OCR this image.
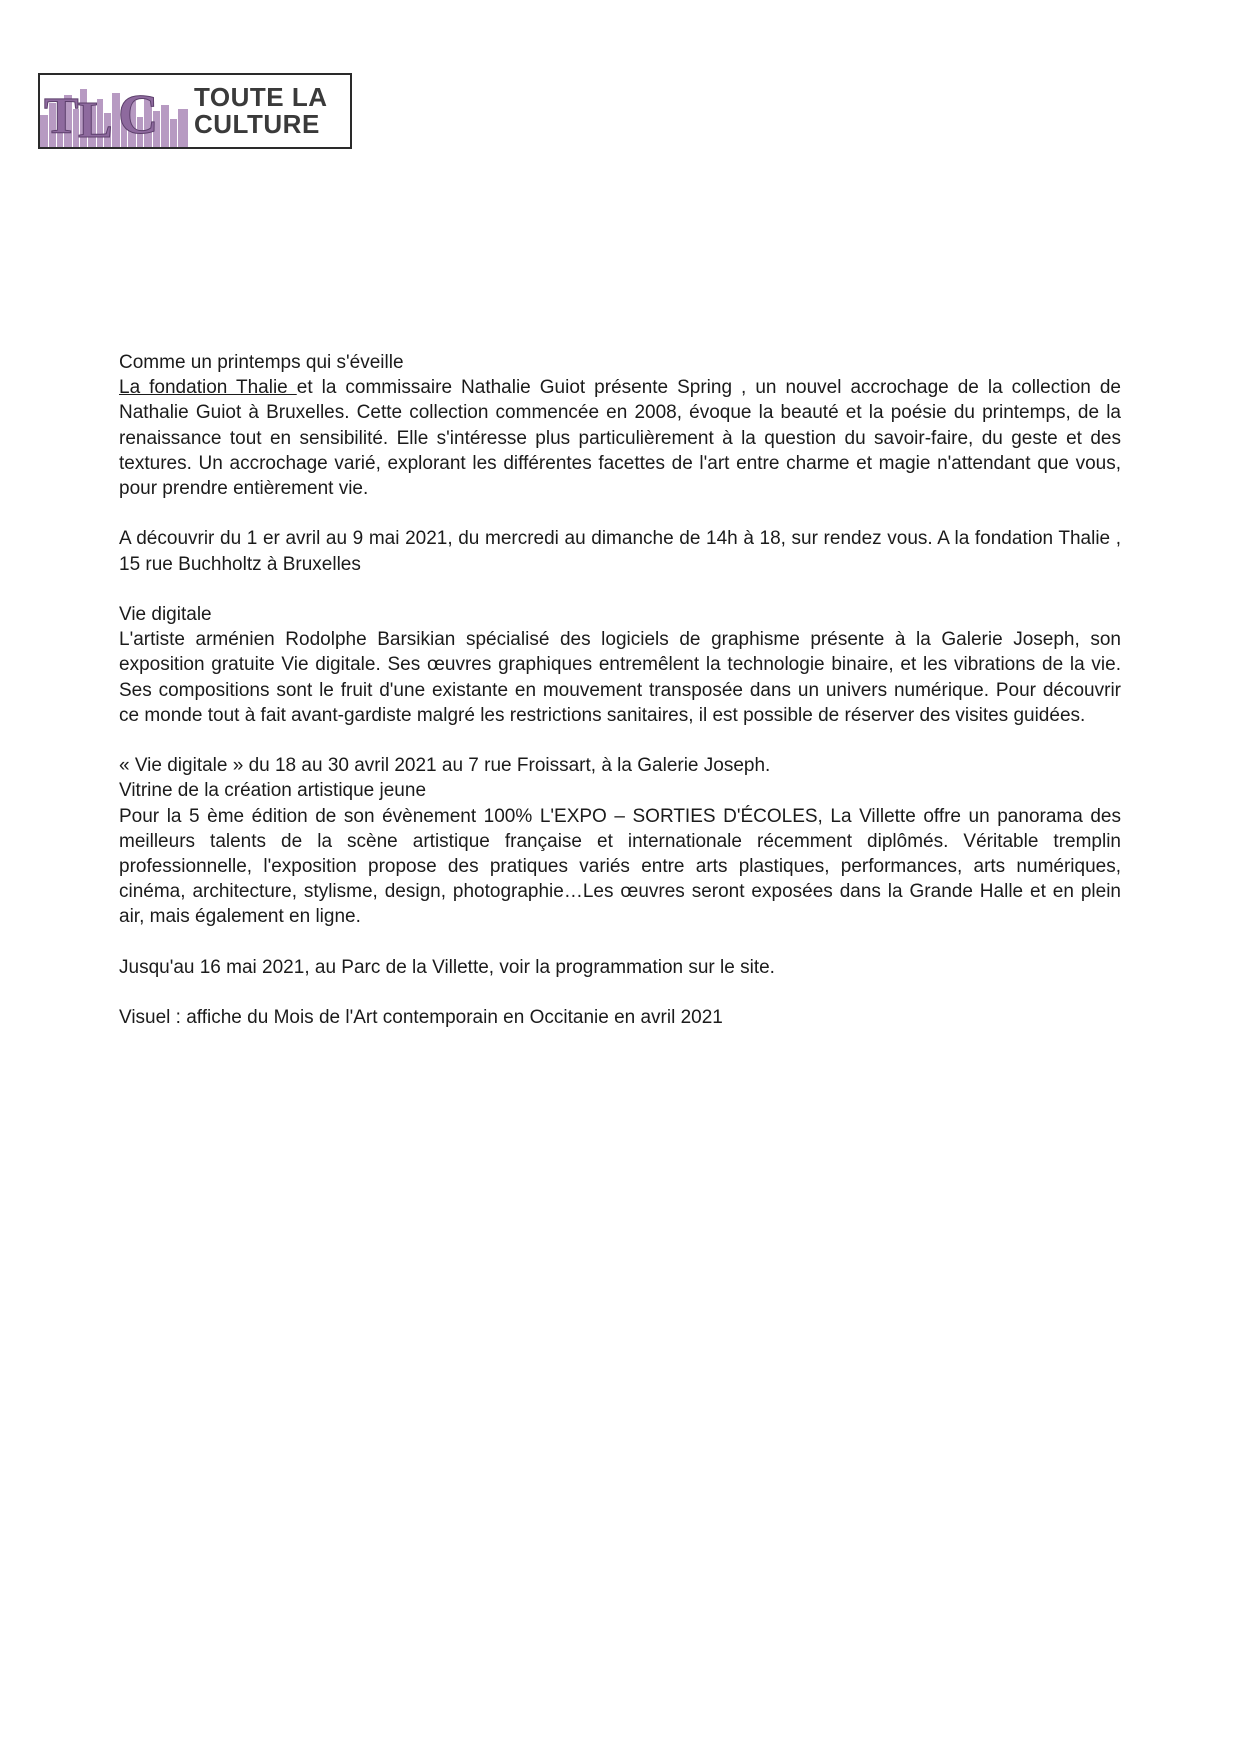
T L C TOUTE LA
CULTURE

Comme un printemps qui s'éveille

La fondation Thalie et la commissaire Nathalie Guiot présente Spring , un nouvel accrochage de la collection de Nathalie Guiot à Bruxelles. Cette collection commencée en 2008, évoque la beauté et la poésie du printemps, de la renaissance tout en sensibilité. Elle s'intéresse plus particulièrement à la question du savoir-faire, du geste et des textures. Un accrochage varié, explorant les différentes facettes de l'art entre charme et magie n'attendant que vous, pour prendre entièrement vie.

A découvrir du 1 er avril au 9 mai 2021, du mercredi au dimanche de 14h à 18, sur rendez vous. A la fondation Thalie , 15 rue Buchholtz à Bruxelles

Vie digitale

L'artiste arménien Rodolphe Barsikian spécialisé des logiciels de graphisme présente à la Galerie Joseph, son exposition gratuite Vie digitale. Ses œuvres graphiques entremêlent la technologie binaire, et les vibrations de la vie. Ses compositions sont le fruit d'une existante en mouvement transposée dans un univers numérique. Pour découvrir ce monde tout à fait avant-gardiste malgré les restrictions sanitaires, il est possible de réserver des visites guidées.

« Vie digitale » du 18 au 30 avril 2021 au 7 rue Froissart, à la Galerie Joseph.

Vitrine de la création artistique jeune

Pour la 5 ème édition de son évènement 100% L'EXPO – SORTIES D'ÉCOLES, La Villette offre un panorama des meilleurs talents de la scène artistique française et internationale récemment diplômés. Véritable tremplin professionnelle, l'exposition propose des pratiques variés entre arts plastiques, performances, arts numériques, cinéma, architecture, stylisme, design, photographie…Les œuvres seront exposées dans la Grande Halle et en plein air, mais également en ligne.

Jusqu'au 16 mai 2021, au Parc de la Villette, voir la programmation sur le site.

Visuel : affiche du Mois de l'Art contemporain en Occitanie en avril 2021
